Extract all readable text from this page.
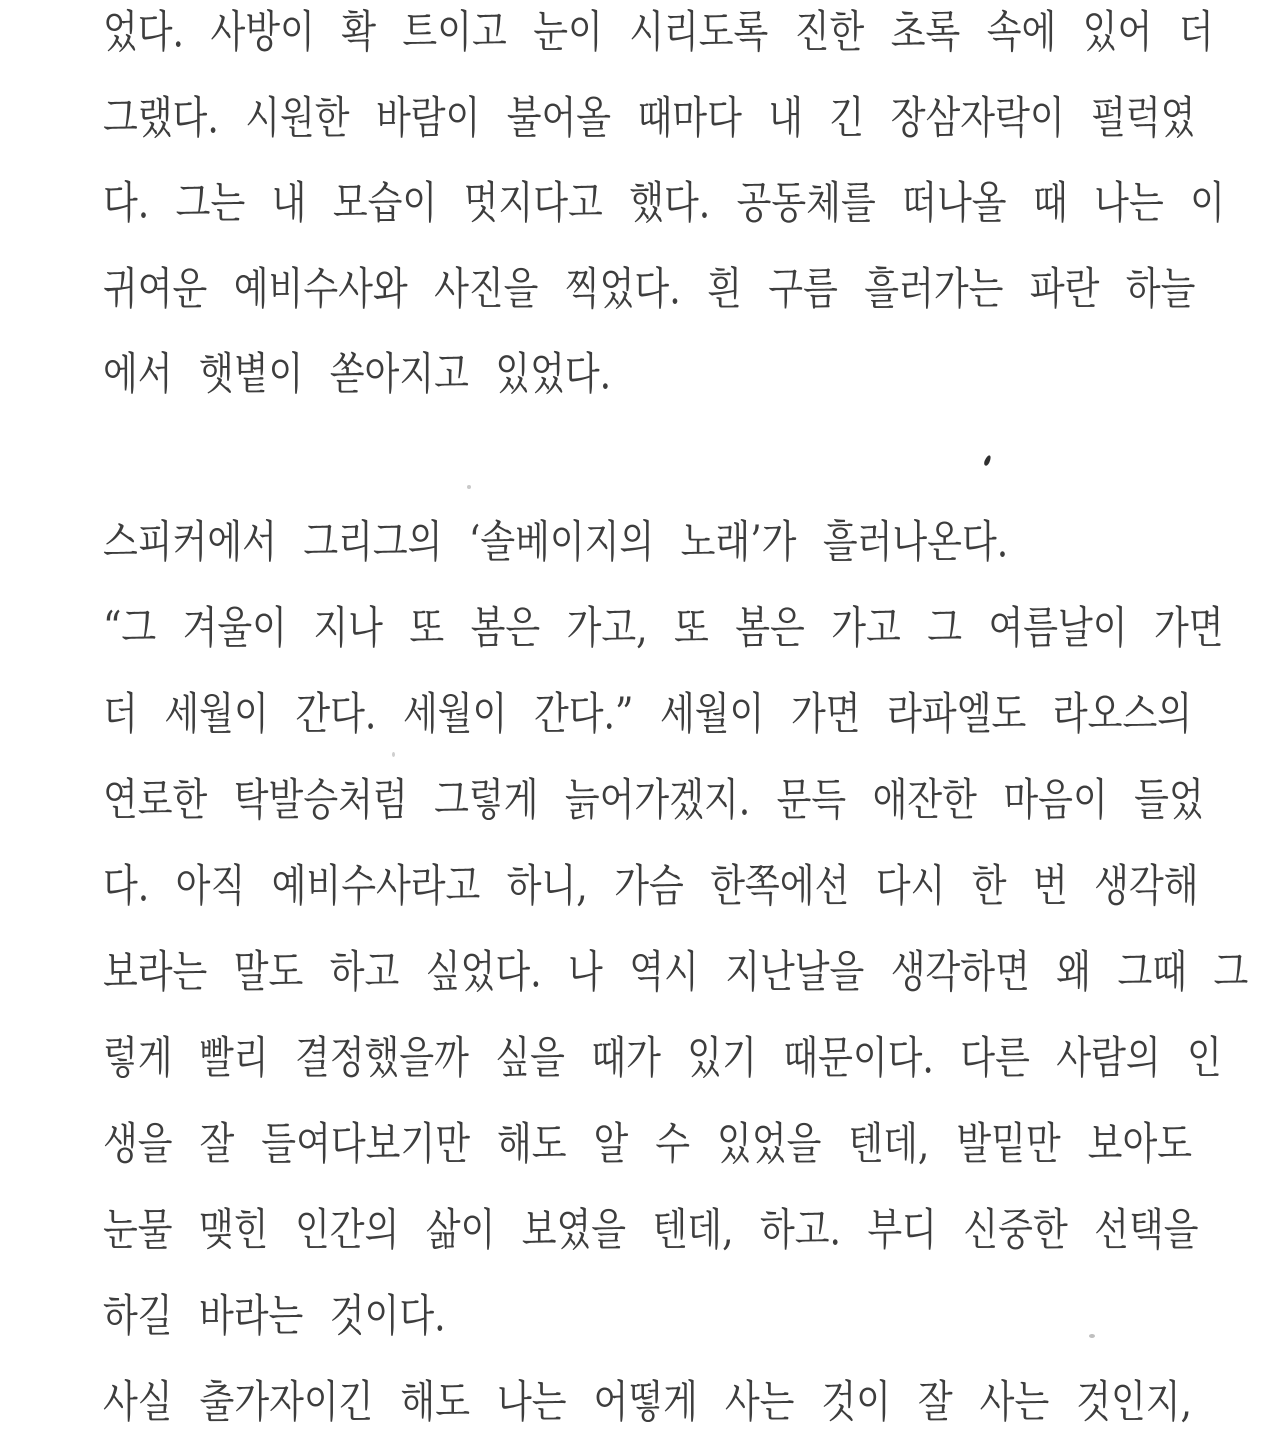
었다. 사방이 확 트이고 눈이 시리도록 진한 초록 속에 있어 더
그랬다. 시원한 바람이 불어올 때마다 내 긴 장삼자락이 펄럭였
다. 그는 내 모습이 멋지다고 했다. 공동체를 떠나올 때 나는 이
귀여운 예비수사와 사진을 찍었다. 흰 구름 흘러가는 파란 하늘
에서 햇볕이 쏟아지고 있었다.
스피커에서 그리그의 ‘솔베이지의 노래’가 흘러나온다.
“그 겨울이 지나 또 봄은 가고, 또 봄은 가고 그 여름날이 가면
더 세월이 간다. 세월이 간다.” 세월이 가면 라파엘도 라오스의
연로한 탁발승처럼 그렇게 늙어가겠지. 문득 애잔한 마음이 들었
다. 아직 예비수사라고 하니, 가슴 한쪽에선 다시 한 번 생각해
보라는 말도 하고 싶었다. 나 역시 지난날을 생각하면 왜 그때 그
렇게 빨리 결정했을까 싶을 때가 있기 때문이다. 다른 사람의 인
생을 잘 들여다보기만 해도 알 수 있었을 텐데, 발밑만 보아도
눈물 맺힌 인간의 삶이 보였을 텐데, 하고. 부디 신중한 선택을
하길 바라는 것이다.
사실 출가자이긴 해도 나는 어떻게 사는 것이 잘 사는 것인지,
